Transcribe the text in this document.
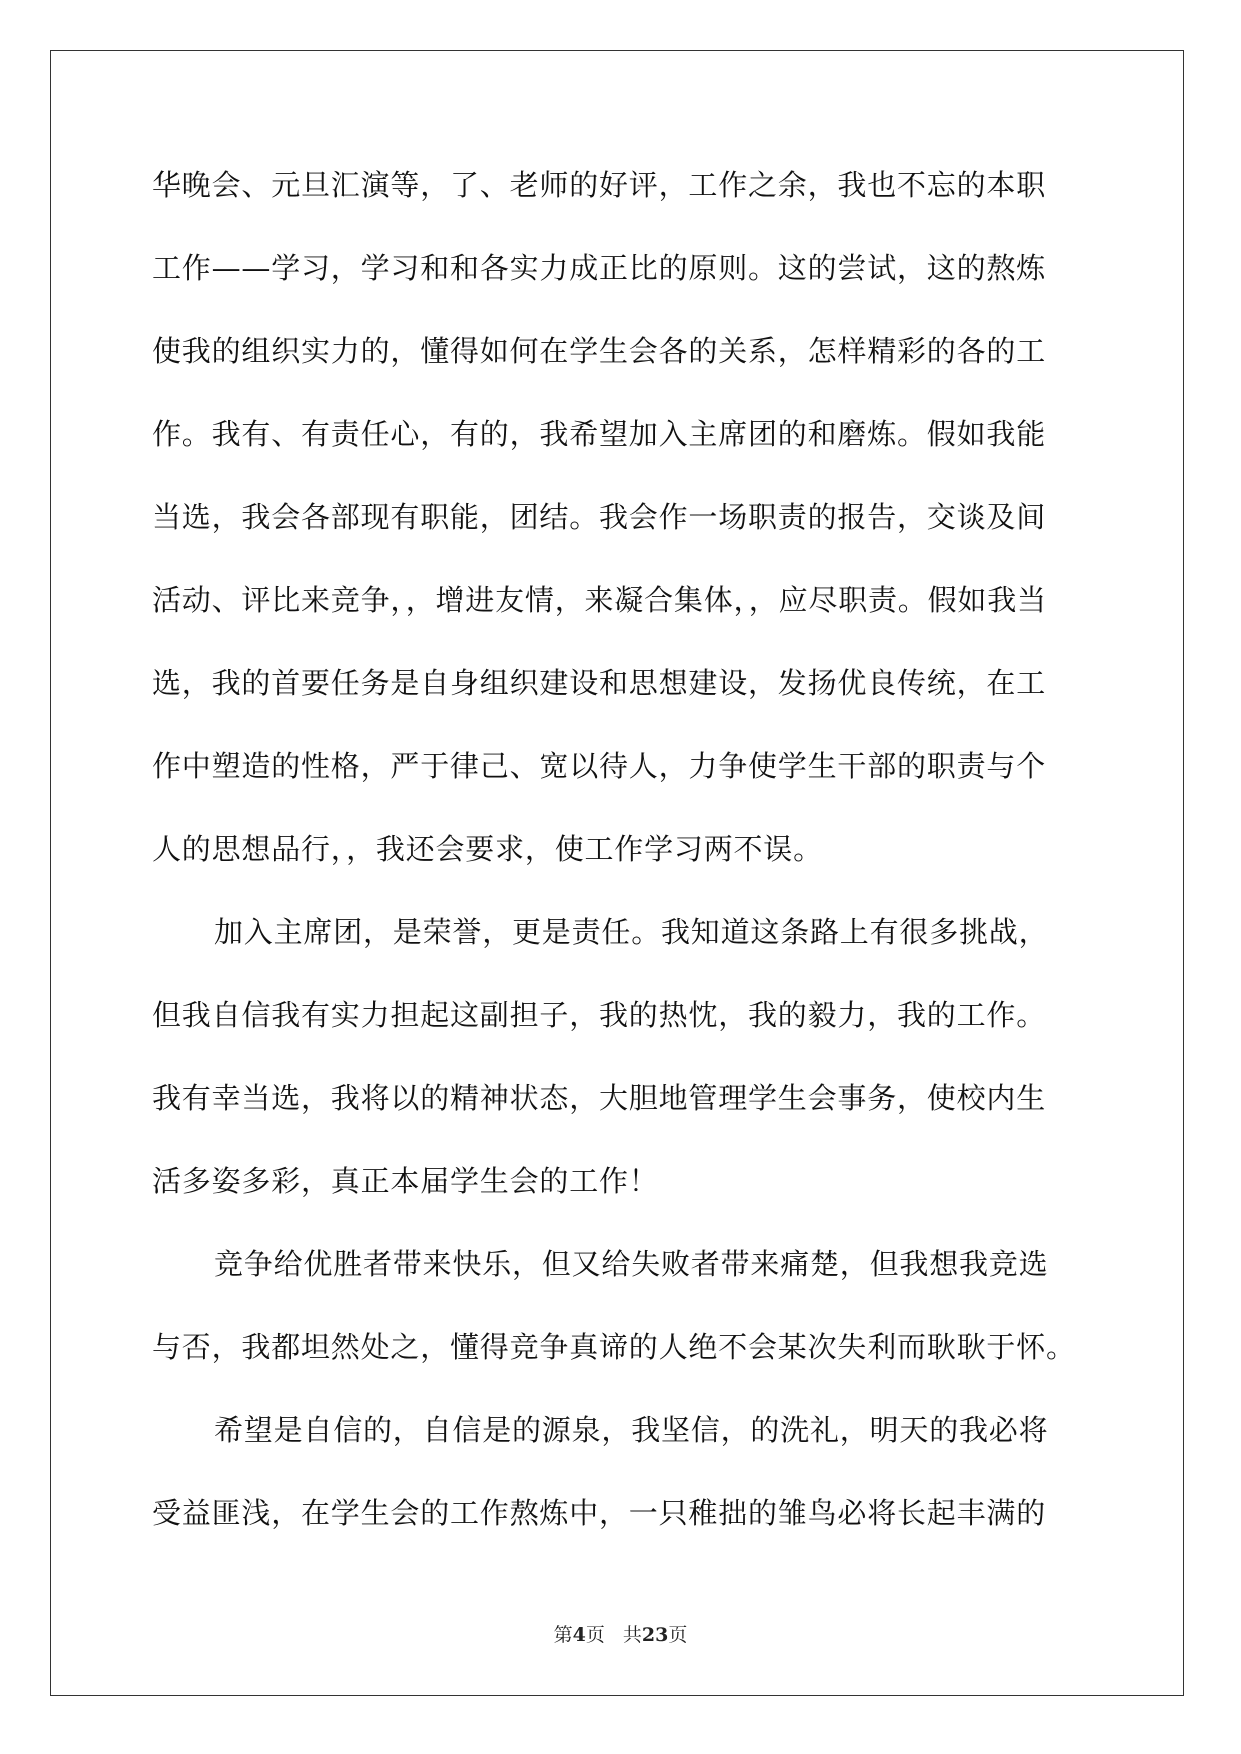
华晚会、元旦汇演等，了、老师的好评，工作之余，我也不忘的本职
工作——学习，学习和和各实力成正比的原则。这的尝试，这的熬炼
使我的组织实力的，懂得如何在学生会各的关系，怎样精彩的各的工
作。我有、有责任心，有的，我希望加入主席团的和磨炼。假如我能
当选，我会各部现有职能，团结。我会作一场职责的报告，交谈及间
活动、评比来竞争，，增进友情，来凝合集体，，应尽职责。假如我当
选，我的首要任务是自身组织建设和思想建设，发扬优良传统，在工
作中塑造的性格，严于律己、宽以待人，力争使学生干部的职责与个
人的思想品行，，我还会要求，使工作学习两不误。
加入主席团，是荣誉，更是责任。我知道这条路上有很多挑战，
但我自信我有实力担起这副担子，我的热忱，我的毅力，我的工作。
我有幸当选，我将以的精神状态，大胆地管理学生会事务，使校内生
活多姿多彩，真正本届学生会的工作！
竞争给优胜者带来快乐，但又给失败者带来痛楚，但我想我竞选
与否，我都坦然处之，懂得竞争真谛的人绝不会某次失利而耿耿于怀。
希望是自信的，自信是的源泉，我坚信，的洗礼，明天的我必将
受益匪浅，在学生会的工作熬炼中，一只稚拙的雏鸟必将长起丰满的
第4页 共23页
